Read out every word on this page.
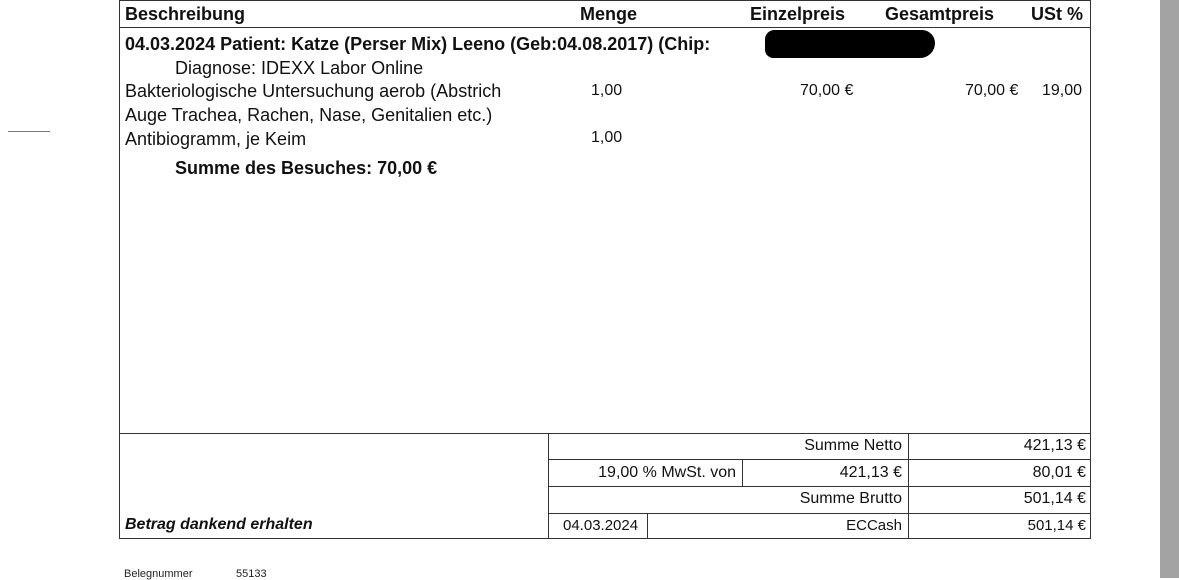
Beschreibung	Menge	Einzelpreis Gesamtpreis USt %
04.03.2024 Patient: Katze (Perser Mix) Leeno (Geb:04.08.2017) (Chip:
Diagnose: IDEXX Labor Online
Bakteriologische Untersuchung aerob (Abstrich
Auge Trachea, Rachen, Nase, Genitalien etc.)
1,00	70,00 €	70,00 € 19,00
Antibiogramm, je Keim	1,00
Summe des Besuches: 70,00 €
Summe Netto	421,13 €
19,00 % MwSt. von	421,13 €	80,01 €
Summe Brutto	501,14 €
Betrag dankend erhalten	04.03.2024	ECCash	501,14 €
Belegnummer	55133
